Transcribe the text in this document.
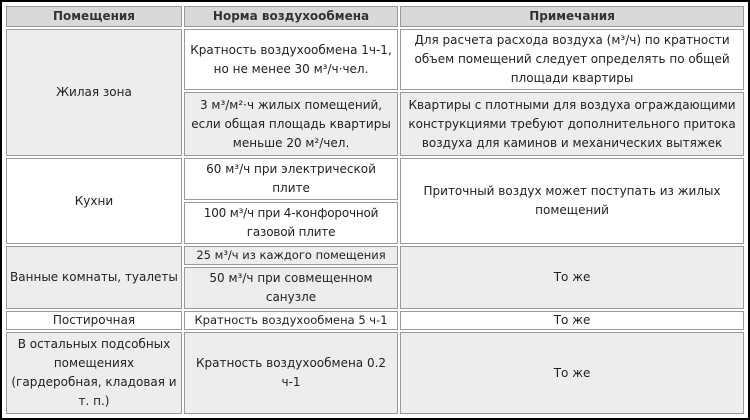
Помещения	Норма воздухообмена	Примечания
Жилая зона	Кратность воздухообмена 1ч-1, но не менее 30 м³/ч·чел.	Для расчета расхода воздуха (м³/ч) по кратности объем помещений следует определять по общей площади квартиры
	3 м³/м²·ч жилых помещений, если общая площадь квартиры меньше 20 м²/чел.	Квартиры с плотными для воздуха ограждающими конструкциями требуют дополнительного притока воздуха для каминов и механических вытяжек
Кухни	60 м³/ч при электрической плите	Приточный воздух может поступать из жилых помещений
	100 м³/ч при 4-конфорочной газовой плите	
Ванные комнаты, туалеты	25 м³/ч из каждого помещения	То же
	50 м³/ч при совмещенном санузле	
Постирочная	Кратность воздухообмена 5 ч-1	То же
В остальных подсобных помещениях (гардеробная, кладовая и т. п.)	Кратность воздухообмена 0.2 ч-1	То же
